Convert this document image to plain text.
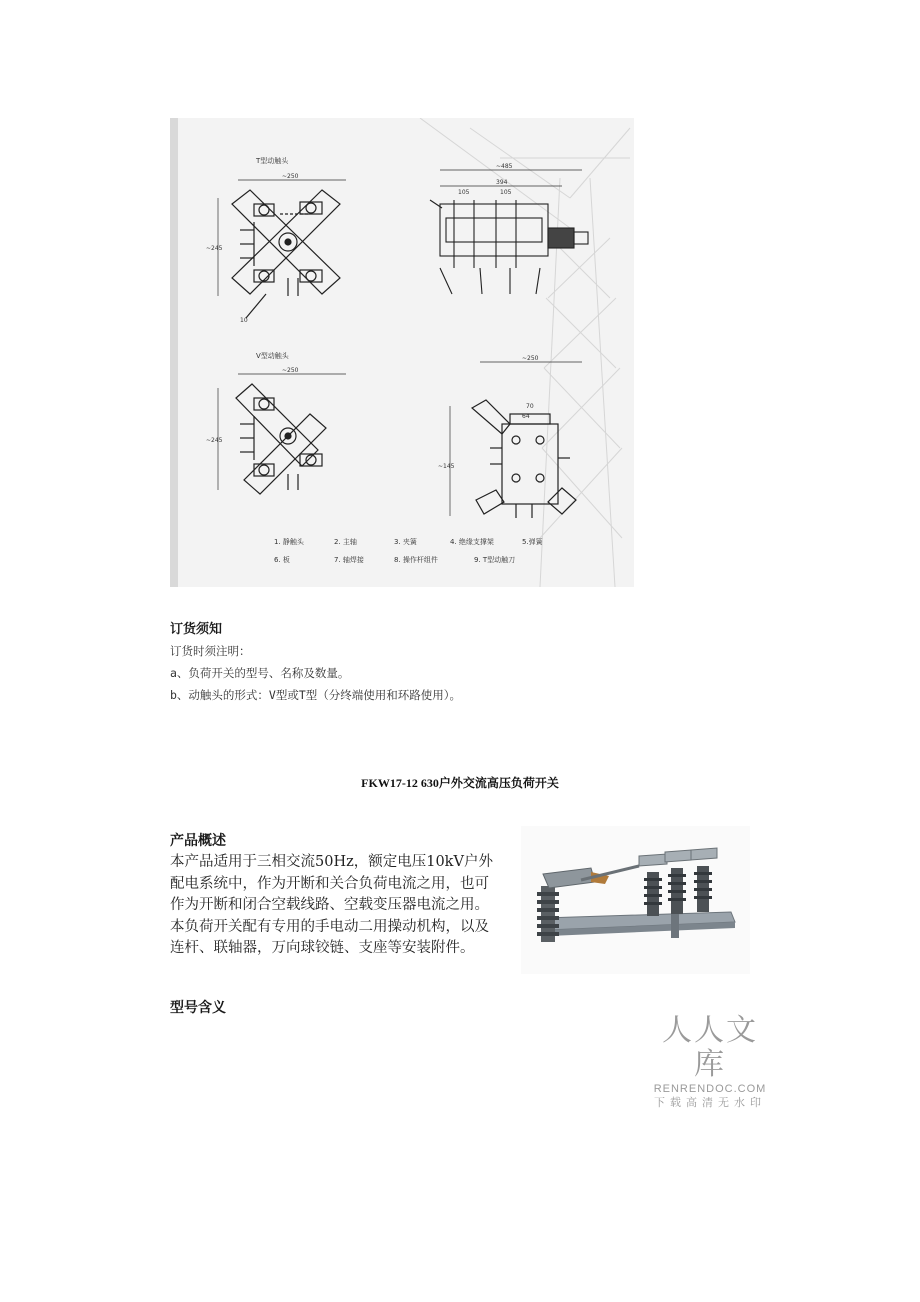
T型动触头
~250
~245
10
~485
394
105	105
V型动触头
~250
~245
~250
70
64
~145
1. 静触头	2. 主轴	3. 夹簧	4. 绝缘支撑架	5.弹簧
6. 板	7. 轴焊接	8. 操作杆组件	9. T型动触刀
订货须知
订货时须注明：
a、负荷开关的型号、名称及数量。
b、动触头的形式：V型或T型（分终端使用和环路使用）。
FKW17-12 630户外交流高压负荷开关
产品概述

本产品适用于三相交流50Hz，额定电压10kV户外

配电系统中，作为开断和关合负荷电流之用，也可

作为开断和闭合空载线路、空载变压器电流之用。

本负荷开关配有专用的手电动二用操动机构，以及

连杆、联轴器，万向球铰链、支座等安装附件。

型号含义
人人文库
RENRENDOC.COM
下载高清无水印
